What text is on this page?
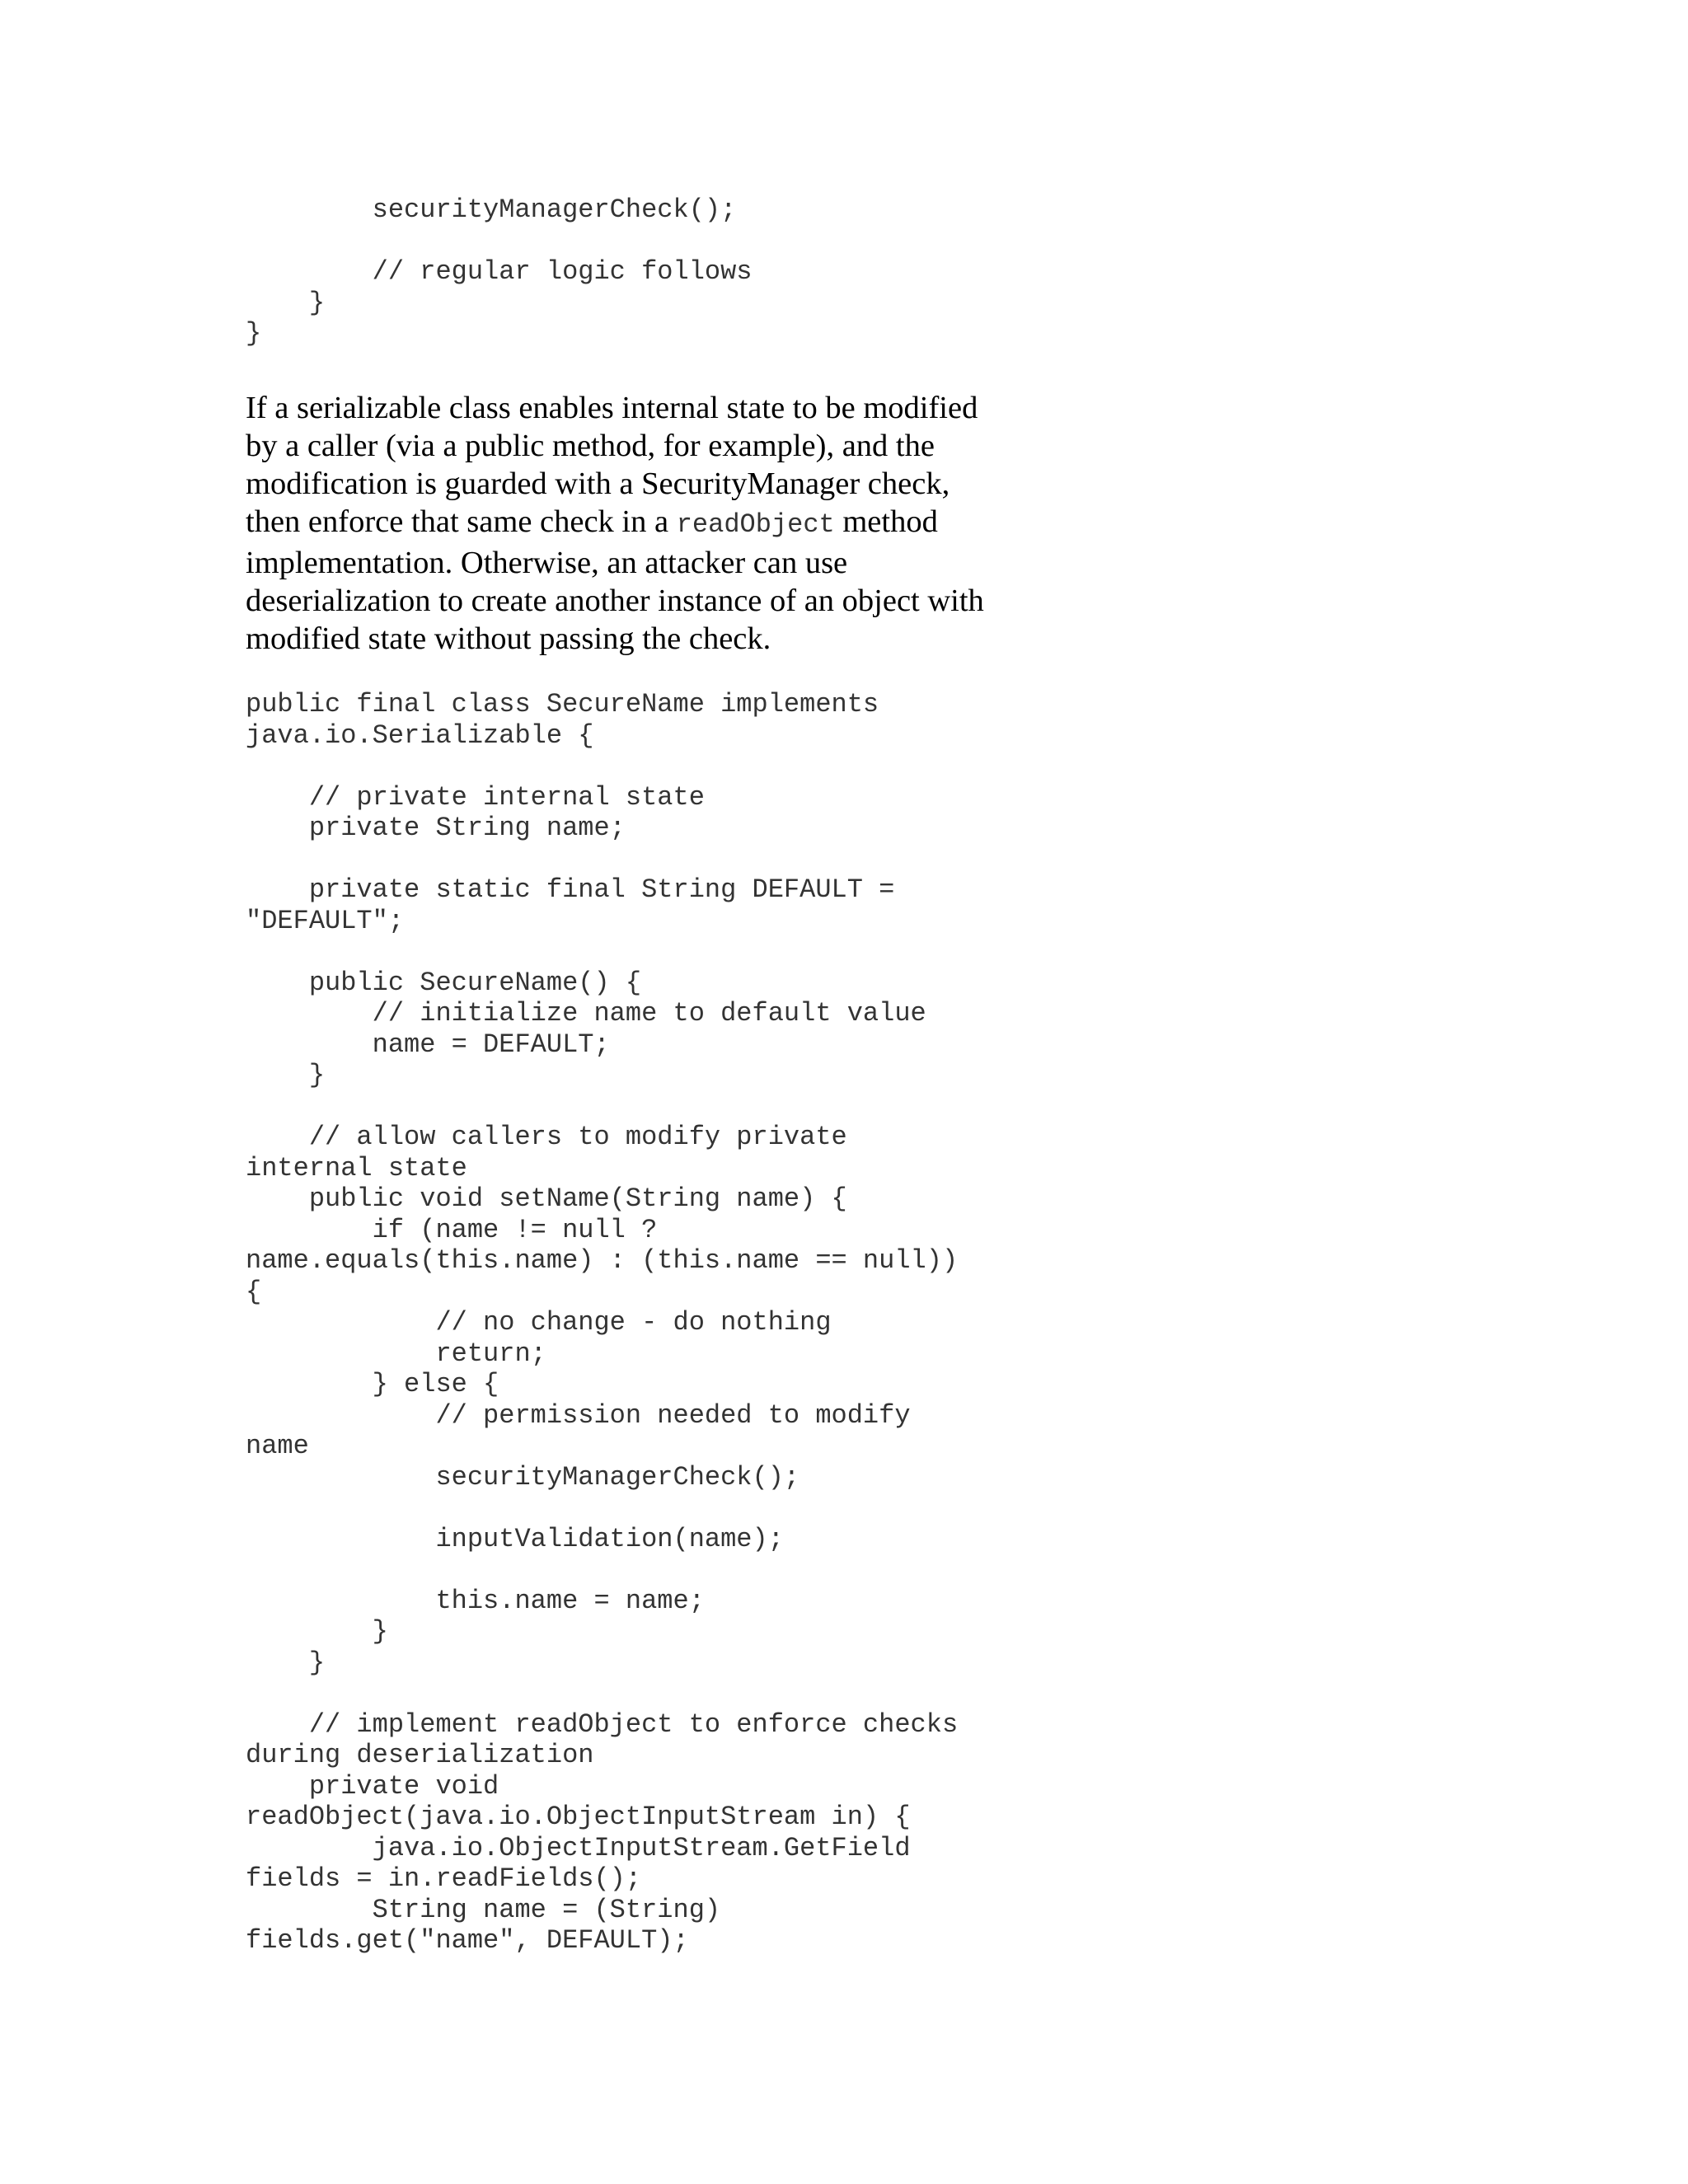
securityManagerCheck();
// regular logic follows
}
}
If a serializable class enables internal state to be modified
by a caller (via a public method, for example), and the
modification is guarded with a SecurityManager check,
then enforce that same check in a readObject method
implementation. Otherwise, an attacker can use
deserialization to create another instance of an object with
modified state without passing the check.
public final class SecureName implements
java.io.Serializable {
// private internal state
private String name;
private static final String DEFAULT =
"DEFAULT";
public SecureName() {
// initialize name to default value
name = DEFAULT;
}
// allow callers to modify private
internal state
public void setName(String name) {
if (name != null ?
name.equals(this.name) : (this.name == null))
{
// no change - do nothing
return;
} else {
// permission needed to modify
name
securityManagerCheck();
inputValidation(name);
this.name = name;
}
}
// implement readObject to enforce checks
during deserialization
private void
readObject(java.io.ObjectInputStream in) {
java.io.ObjectInputStream.GetField
fields = in.readFields();
String name = (String)
fields.get("name", DEFAULT);
